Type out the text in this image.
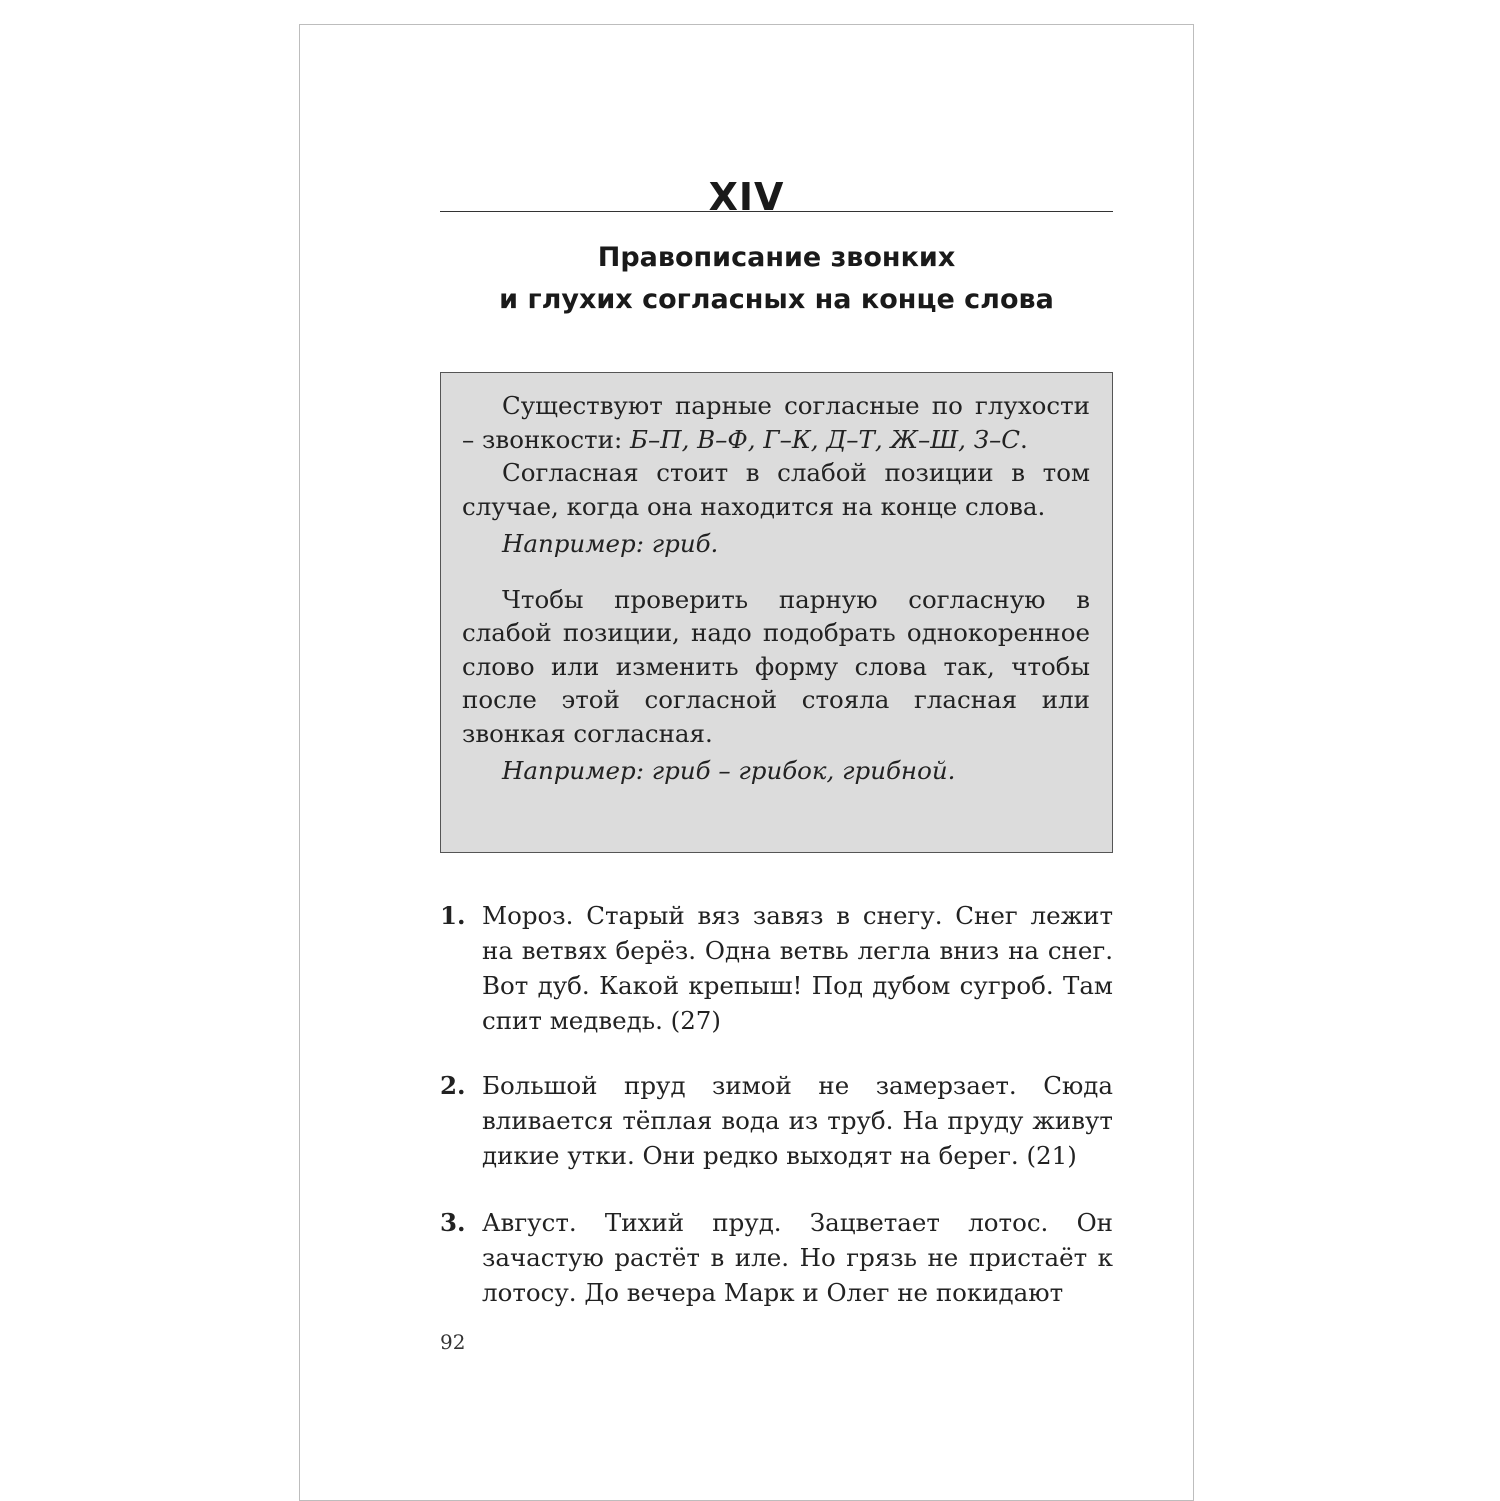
XIV
Правописание звонких
и глухих согласных на конце слова

Существуют парные согласные по глухости – звонкости: Б–П, В–Ф, Г–К, Д–Т, Ж–Ш, З–С.

Согласная стоит в слабой позиции в том случае, когда она находится на конце слова.

Например: гриб.

Чтобы проверить парную согласную в слабой позиции, надо подобрать однокоренное слово или изменить форму слова так, чтобы после этой согласной стояла гласная или звонкая согласная.

Например: гриб – грибок, грибной.

1. Мороз. Старый вяз завяз в снегу. Снег лежит на ветвях берёз. Одна ветвь легла вниз на снег. Вот дуб. Какой крепыш! Под дубом сугроб. Там спит медведь. (27)
2. Большой пруд зимой не замерзает. Сюда вливается тёплая вода из труб. На пруду живут дикие утки. Они редко выходят на берег. (21)
3. Август. Тихий пруд. Зацветает лотос. Он зачастую растёт в иле. Но грязь не пристаёт к лотосу. До вечера Марк и Олег не покидают
92
